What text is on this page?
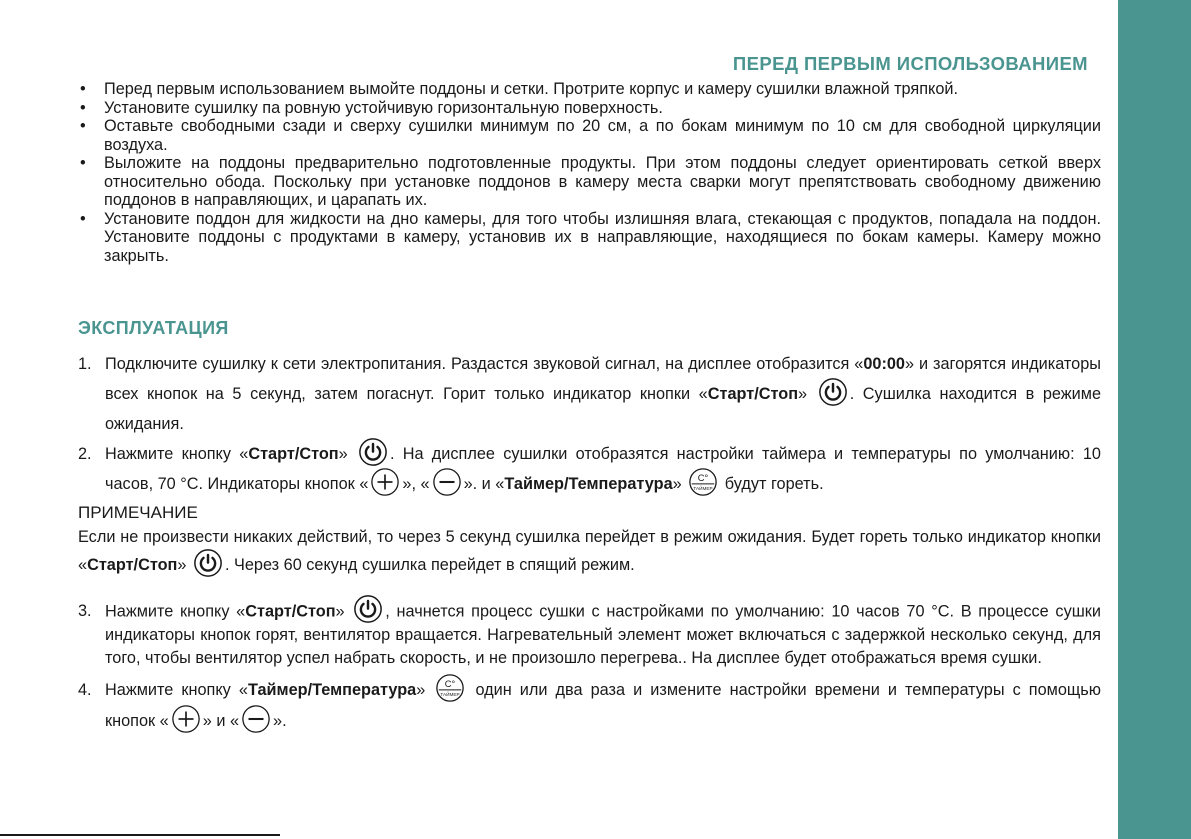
ПЕРЕД ПЕРВЫМ ИСПОЛЬЗОВАНИЕМ
• Перед первым использованием вымойте поддоны и сетки. Протрите корпус и камеру сушилки влажной тряпкой.
• Установите сушилку па ровную устойчивую горизонтальную поверхность.
• Оставьте свободными сзади и сверху сушилки минимум по 20 см, а по бокам минимум по 10 см для свободной циркуляции воздуха.
• Выложите на поддоны предварительно подготовленные продукты. При этом поддоны следует ориентировать сеткой вверх относительно обода. Поскольку при установке поддонов в камеру места сварки могут препятствовать свободному движению поддонов в направляющих, и царапать их.
• Установите поддон для жидкости на дно камеры, для того чтобы излишняя влага, стекающая с продуктов, попадала на поддон. Установите поддоны с продуктами в камеру, установив их в направляющие, находящиеся по бокам камеры. Камеру можно закрыть.
ЭКСПЛУАТАЦИЯ
1. Подключите сушилку к сети электропитания. Раздастся звуковой сигнал, на дисплее отобразится «00:00» и загорятся индикаторы всех кнопок на 5 секунд, затем погаснут. Горит только индикатор кнопки «Старт/Стоп»
. Сушилка находится в режиме ожидания.
2. Нажмите кнопку «Старт/Стоп»
. На дисплее сушилки отобразятся настройки таймера и температуры по умолчанию: 10 часов, 70 °C. Индикаторы кнопок « », « ». и «Таймер/Температура» C°
ТАЙМЕР будут гореть.

ПРИМЕЧАНИЕ

Если не произвести никаких действий, то через 5 секунд сушилка перейдет в режим ожидания. Будет гореть только индикатор кнопки «Старт/Стоп»
. Через 60 секунд сушилка перейдет в спящий режим.

3. Нажмите кнопку «Старт/Стоп»
, начнется процесс сушки с настройками по умолчанию: 10 часов 70 °C. В процессе сушки индикаторы кнопок горят, вентилятор вращается. Нагревательный элемент может включаться с задержкой несколько секунд, для того, чтобы вентилятор успел набрать скорость, и не произошло перегрева.. На дисплее будет отображаться время сушки.
4. Нажмите кнопку «Таймер/Температура» C°
ТАЙМЕР один или два раза и измените настройки времени и температуры с помощью кнопок « » и « ».
